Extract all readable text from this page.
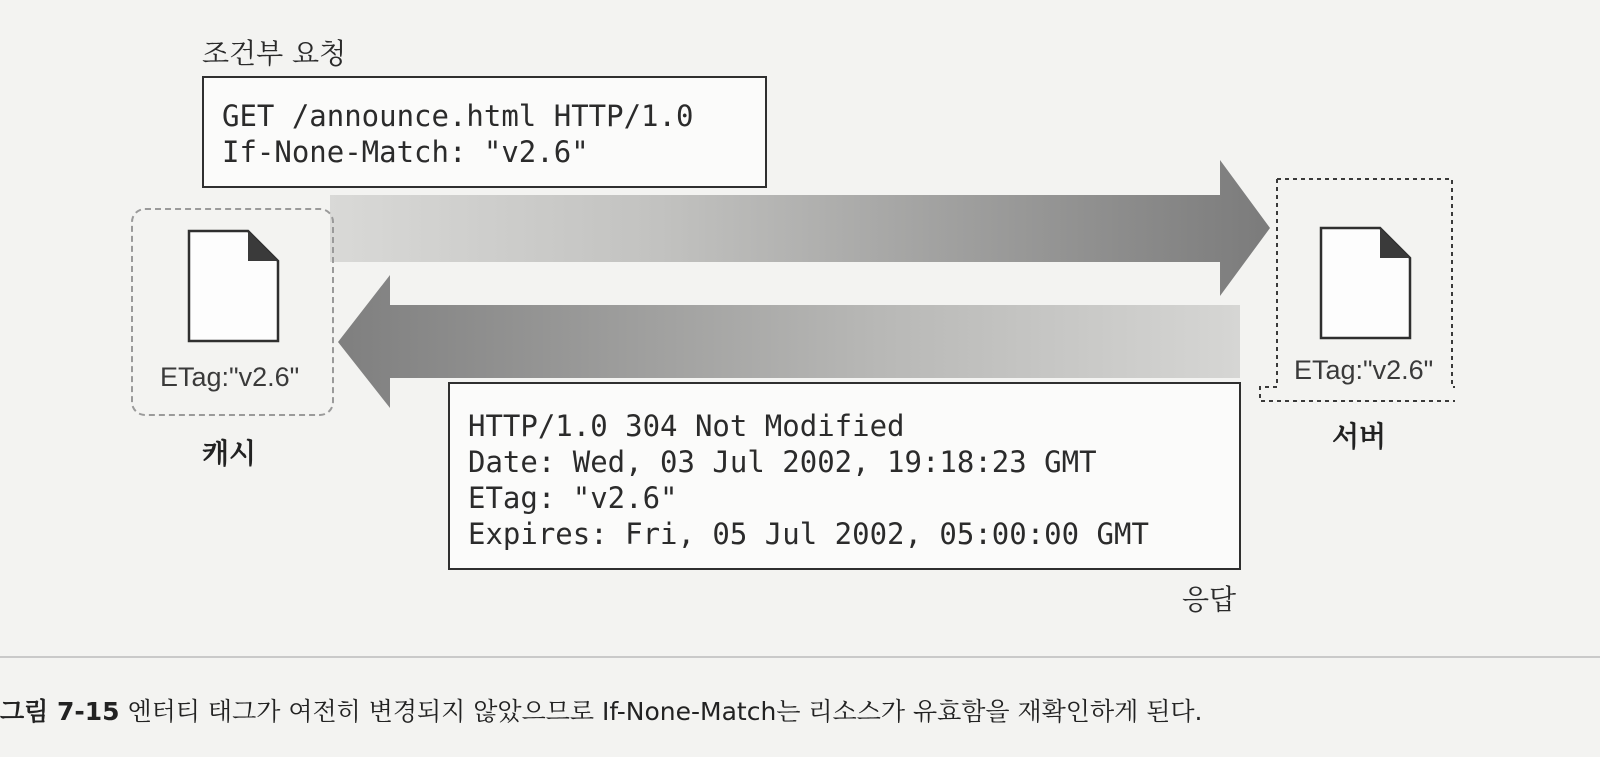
조건부 요청
GET /announce.html HTTP/1.0
If-None-Match: "v2.6"
ETag:"v2.6"
캐시
ETag:"v2.6"
서버
HTTP/1.0 304 Not Modified
Date: Wed, 03 Jul 2002, 19:18:23 GMT
ETag: "v2.6"
Expires: Fri, 05 Jul 2002, 05:00:00 GMT
응답
그림 7-15 엔터티 태그가 여전히 변경되지 않았으므로 If-None-Match는 리소스가 유효함을 재확인하게 된다.
